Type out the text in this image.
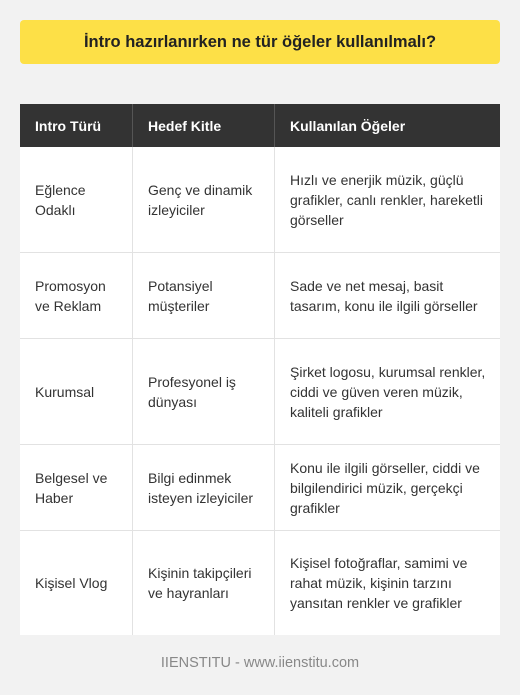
İntro hazırlanırken ne tür öğeler kullanılmalı?
Intro Türü	Hedef Kitle	Kullanılan Öğeler
Eğlence Odaklı
Genç ve dinamik izleyiciler
Hızlı ve enerjik müzik, güçlü grafikler, canlı renkler, hareketli görseller
Promosyon ve Reklam
Potansiyel müşteriler
Sade ve net mesaj, basit tasarım, konu ile ilgili görseller
Kurumsal
Profesyonel iş dünyası
Şirket logosu, kurumsal renkler, ciddi ve güven veren müzik, kaliteli grafikler
Belgesel ve Haber
Bilgi edinmek isteyen izleyiciler
Konu ile ilgili görseller, ciddi ve bilgilendirici müzik, gerçekçi grafikler
Kişisel Vlog
Kişinin takipçileri ve hayranları
Kişisel fotoğraflar, samimi ve rahat müzik, kişinin tarzını yansıtan renkler ve grafikler
IIENSTITU - www.iienstitu.com
